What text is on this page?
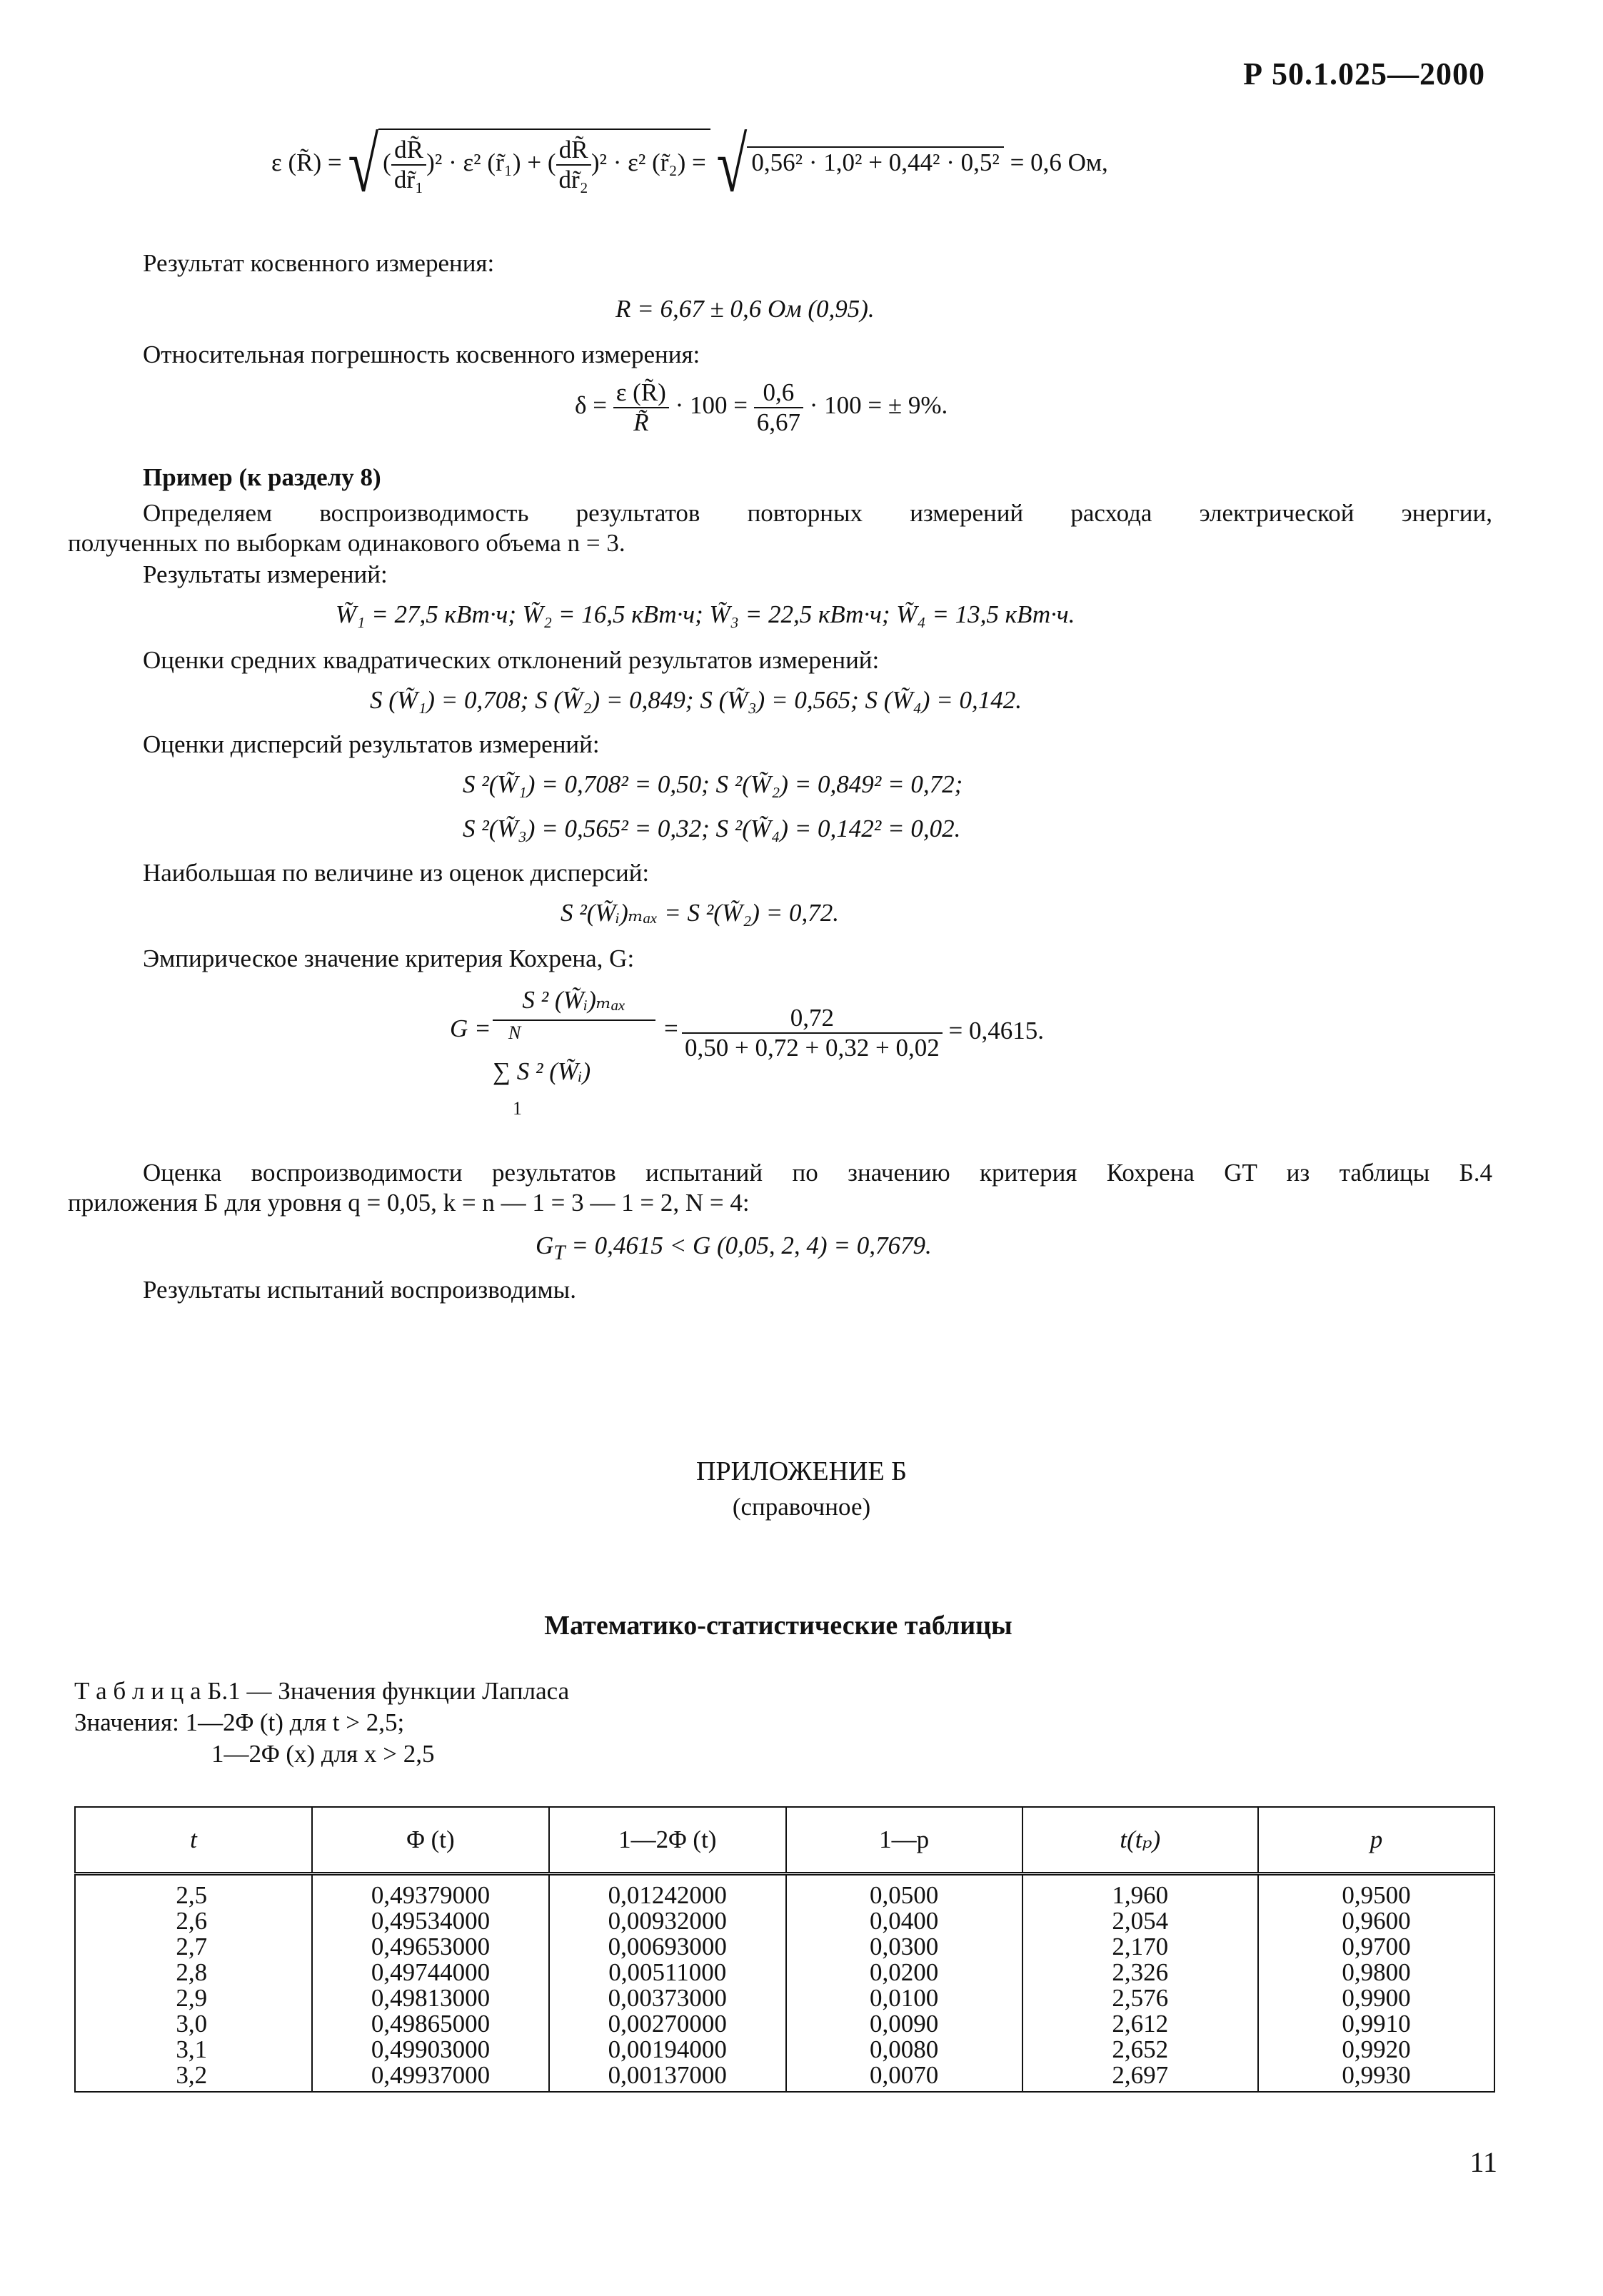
Р 50.1.025—2000
ε (R̃) = √ ( $\frac{dR̃}{\text{dr̃₁}} )^2 \cdot \varepsilon^2$ (r̃₁) + ( $\frac{dR̃}{\text{dr̃₂}} )^2 \cdot \varepsilon^2$ (r̃₂) = √ 0,56² · 1,0² + 0,44² · 0,5² = 0,6 Ом,
Результат косвенного измерения:
R = 6,67 ± 0,6 Ом (0,95).
Относительная погрешность косвенного измерения:
$\delta = \frac{\varepsilon (R̃)}{R̃} \cdot 100 = \frac{0,6}{6,67} \cdot 100$ = ± 9%.
Пример (к разделу 8)
Определяем воспроизводимость результатов повторных измерений расхода электрической энергии,
полученных по выборкам одинакового объема n = 3.
Результаты измерений:
W̃₁ = 27,5 кВт·ч; W̃₂ = 16,5 кВт·ч; W̃₃ = 22,5 кВт·ч; W̃₄ = 13,5 кВт·ч.
Оценки средних квадратических отклонений результатов измерений:
S (W̃₁) = 0,708; S (W̃₂) = 0,849; S (W̃₃) = 0,565; S (W̃₄) = 0,142.
Оценки дисперсий результатов измерений:
S ²(W̃₁) = 0,708² = 0,50; S ²(W̃₂) = 0,849² = 0,72;
S ²(W̃₃) = 0,565² = 0,32; S ²(W̃₄) = 0,142² = 0,02.
Наибольшая по величине из оценок дисперсий:
S ²(W̃ᵢ)ₘₐₓ = S ²(W̃₂) = 0,72.
Эмпирическое значение критерия Кохрена, G:
G =
S ² (W̃ᵢ)ₘₐₓ
N
∑ S ² (W̃ᵢ)
1
= $\frac{0,72}{0,50 + 0,72 + 0,32 + 0,02} = 0,4615$.
Оценка воспроизводимости результатов испытаний по значению критерия Кохрена GT из таблицы Б.4
приложения Б для уровня q = 0,05, k = n — 1 = 3 — 1 = 2, N = 4:
$G_T = 0,4615 < G$ (0,05, 2, 4) = 0,7679.
Результаты испытаний воспроизводимы.
ПРИЛОЖЕНИЕ Б
(справочное)
Математико-статистические таблицы
Т а б л и ц а Б.1 — Значения функции Лапласа
Значения: 1—2Φ (t) для t > 2,5;
1—2Φ (x) для x > 2,5
t	Φ (t)	1—2Φ (t)	1—p	t(tₚ)	p
2,5	0,49379000	0,01242000	0,0500	1,960	0,9500
2,6	0,49534000	0,00932000	0,0400	2,054	0,9600
2,7	0,49653000	0,00693000	0,0300	2,170	0,9700
2,8	0,49744000	0,00511000	0,0200	2,326	0,9800
2,9	0,49813000	0,00373000	0,0100	2,576	0,9900
3,0	0,49865000	0,00270000	0,0090	2,612	0,9910
3,1	0,49903000	0,00194000	0,0080	2,652	0,9920
3,2	0,49937000	0,00137000	0,0070	2,697	0,9930
11
